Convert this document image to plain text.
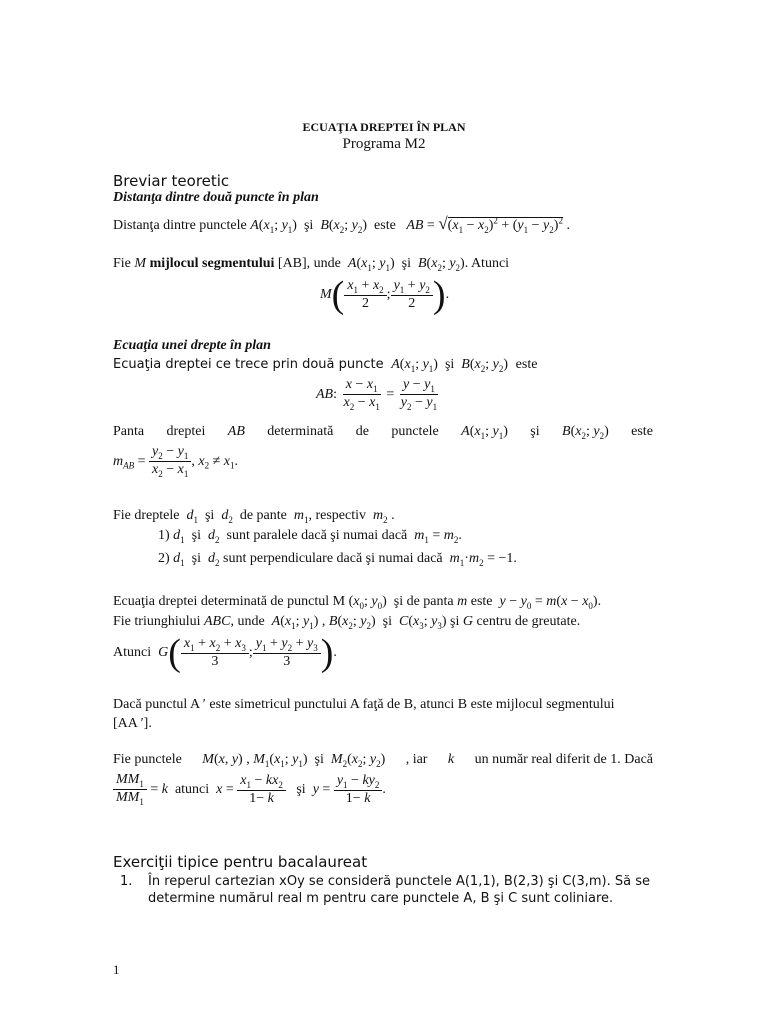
ECUAŢIA DREPTEI ÎN PLAN
Programa M2
Breviar teoretic
Distanţa dintre două puncte în plan
Distanţa dintre punctele $A(x_1$; $y_1$)  şi $B(x_2$; $y_2$)  este AB = $√(x_1 - x_2)^2 + (y_1 - y_2)^2$ .
Fie M mijlocul segmentului [AB], unde $A(x_1$; $y_1$)  şi $B(x_2$; $y_2$). Atunci
$M( \frac{x_1 + x_2}{2}$ ; $\frac{y_1 + y_2}{2}$ ).
Ecuaţia unei drepte în plan
Ecuaţia dreptei ce trece prin două puncte $A(x_1$; $y_1$)  şi  $B(x_2$; $y_2$)  este
AB: $\frac{x - x_1}{x_2 - x_1} = \frac{y - y_1}{y_2 - y_1}$
Panta dreptei AB determinată de punctele $A(x_1$; $y_1$) şi $B(x_2$; $y_2$) este
$m_{AB} = \frac{y_2 - y_1}{x_2 - x_1}$ , $x_2 \ne x_1$.
Fie dreptele $d_1$  şi  $d_2$ de pante $m_1$, respectiv $m_2$ .
1) $d_1$  şi  $d_2$ sunt paralele dacă şi numai dacă $m_1 = m_2$.
2) $d_1$  şi  $d_2$ sunt perpendiculare dacă şi numai dacă $m_1\cdot m_2 = -1$.
Ecuaţia dreptei determinată de punctul M ($x_0$; $y_0$)  şi de panta m este $y - y_0 = m(x - x_0)$.
Fie triunghiului ABC, unde $A(x_1$; $y_1$) , $B(x_2$; $y_2$)  şi $C(x_3$; $y_3$) şi G centru de greutate.
Atunci $G( \frac{x_1 + x_2 + x_3}{3}$ ; $\frac{y_1 + y_2 + y_3}{3}$ ).
Dacă punctul A ′ este simetricul punctului A faţă de B, atunci B este mijlocul segmentului
[AA ′].
Fie punctele M(x, y) , $M_1(x_1$; $y_1$)  şi  $M_2(x_2$; $y_2$) , iar k un număr real diferit de 1. Dacă
$\frac{MM_1}{MM_1} = k$ atunci $x = \frac{x_1 - kx_2}{1- k}$ şi $y = \frac{y_1 - ky_2}{1- k}$ .
Exerciţii tipice pentru bacalaureat
1. În reperul cartezian xOy se consideră punctele A(1,1), B(2,3) şi C(3,m). Să se
determine numărul real m pentru care punctele A, B şi C sunt coliniare.
1
